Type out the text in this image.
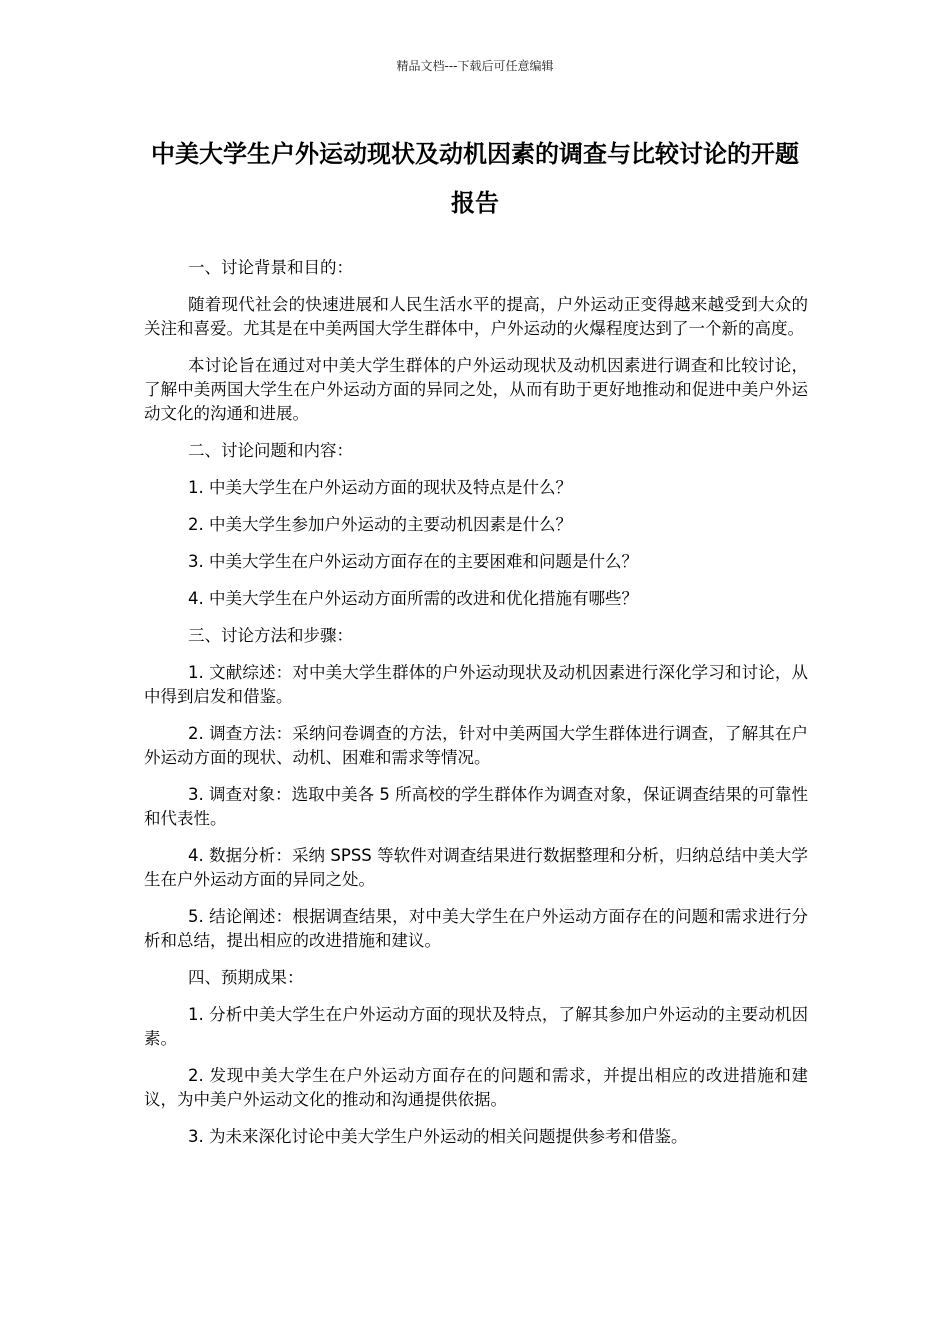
精品文档---下载后可任意编辑
中美大学生户外运动现状及动机因素的调查与比较讨论的开题报告

一、讨论背景和目的：

随着现代社会的快速进展和人民生活水平的提高，户外运动正变得越来越受到大众的关注和喜爱。尤其是在中美两国大学生群体中，户外运动的火爆程度达到了一个新的高度。

本讨论旨在通过对中美大学生群体的户外运动现状及动机因素进行调查和比较讨论，了解中美两国大学生在户外运动方面的异同之处，从而有助于更好地推动和促进中美户外运动文化的沟通和进展。

二、讨论问题和内容：

1. 中美大学生在户外运动方面的现状及特点是什么？

2. 中美大学生参加户外运动的主要动机因素是什么？

3. 中美大学生在户外运动方面存在的主要困难和问题是什么？

4. 中美大学生在户外运动方面所需的改进和优化措施有哪些？

三、讨论方法和步骤：

1. 文献综述：对中美大学生群体的户外运动现状及动机因素进行深化学习和讨论，从中得到启发和借鉴。

2. 调查方法：采纳问卷调查的方法，针对中美两国大学生群体进行调查，了解其在户外运动方面的现状、动机、困难和需求等情况。

3. 调查对象：选取中美各 5 所高校的学生群体作为调查对象，保证调查结果的可靠性和代表性。

4. 数据分析：采纳 SPSS 等软件对调查结果进行数据整理和分析，归纳总结中美大学生在户外运动方面的异同之处。

5. 结论阐述：根据调查结果，对中美大学生在户外运动方面存在的问题和需求进行分析和总结，提出相应的改进措施和建议。

四、预期成果：

1. 分析中美大学生在户外运动方面的现状及特点，了解其参加户外运动的主要动机因素。

2. 发现中美大学生在户外运动方面存在的问题和需求，并提出相应的改进措施和建议，为中美户外运动文化的推动和沟通提供依据。

3. 为未来深化讨论中美大学生户外运动的相关问题提供参考和借鉴。
